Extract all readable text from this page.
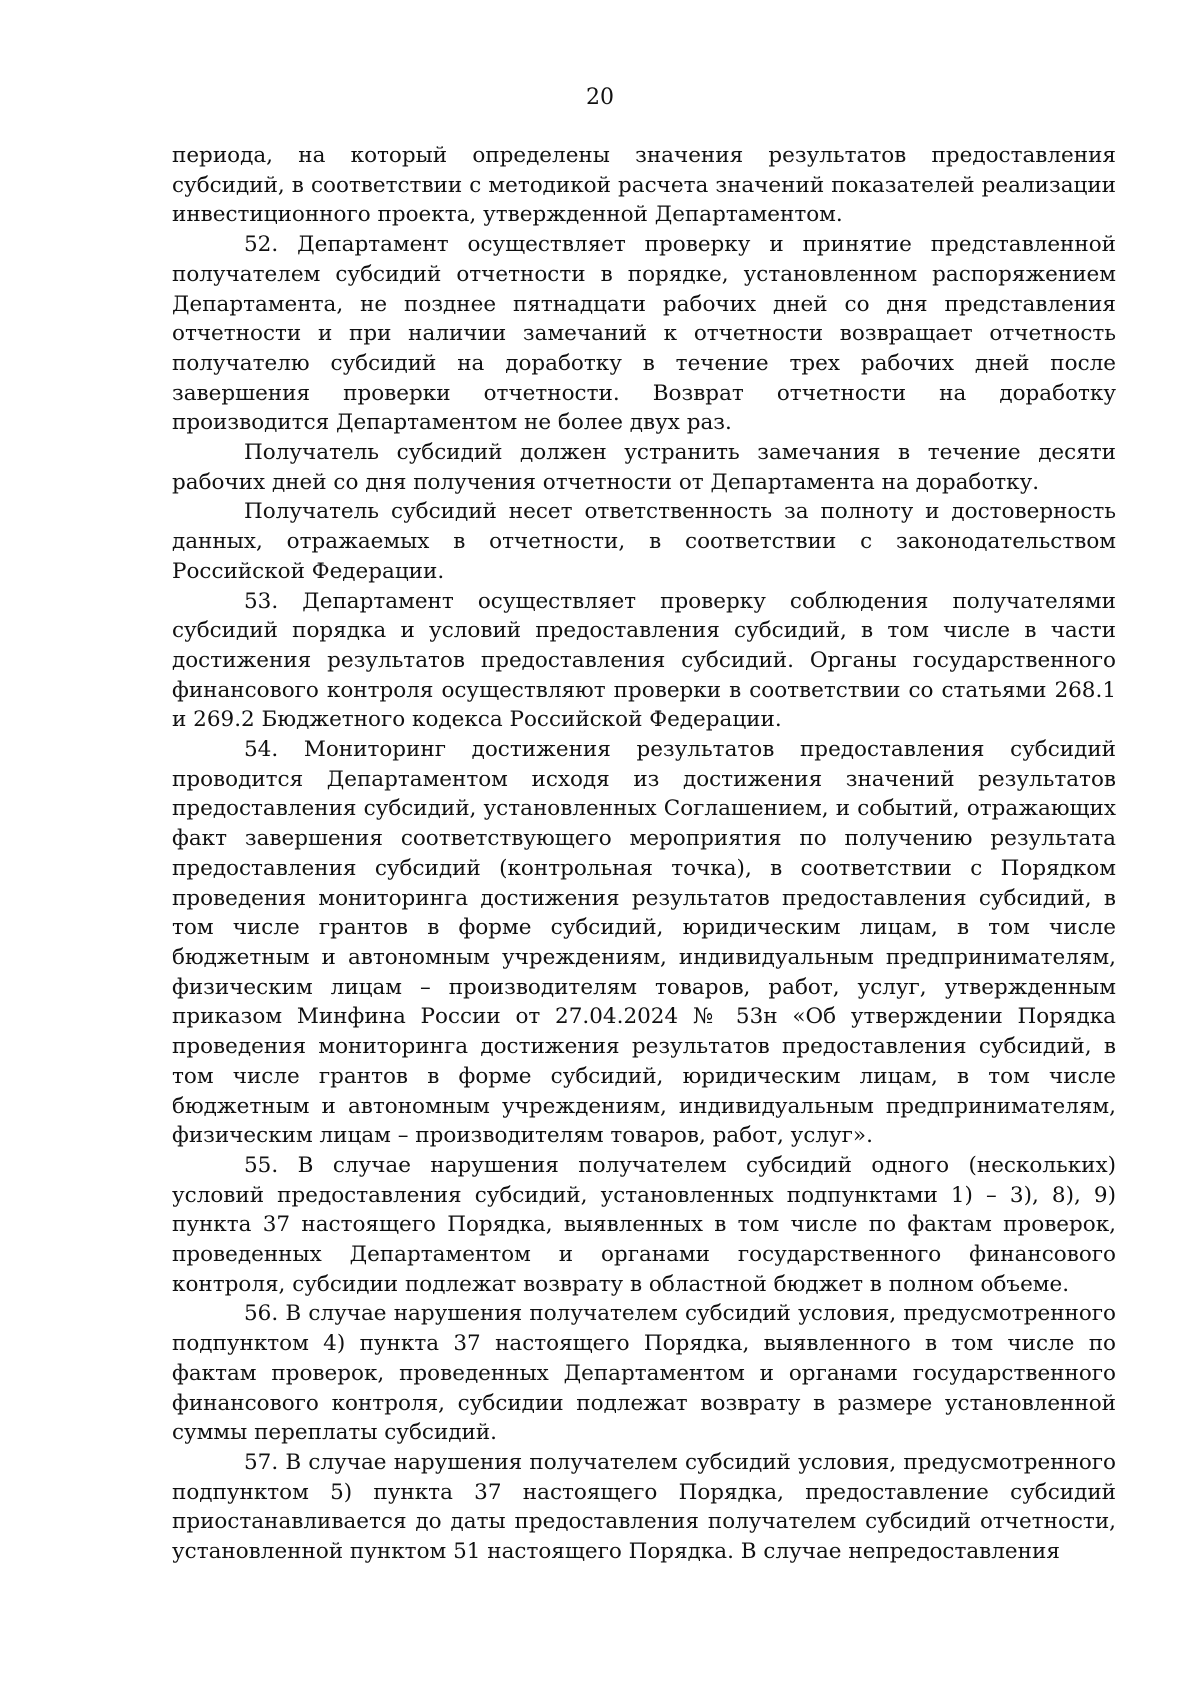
20

периода, на который определены значения результатов предоставления субсидий, в соответствии с методикой расчета значений показателей реализации инвестиционного проекта, утвержденной Департаментом.

52. Департамент осуществляет проверку и принятие представленной получателем субсидий отчетности в порядке, установленном распоряжением Департамента, не позднее пятнадцати рабочих дней со дня представления отчетности и при наличии замечаний к отчетности возвращает отчетность получателю субсидий на доработку в течение трех рабочих дней после завершения проверки отчетности. Возврат отчетности на доработку производится Департаментом не более двух раз.

Получатель субсидий должен устранить замечания в течение десяти рабочих дней со дня получения отчетности от Департамента на доработку.

Получатель субсидий несет ответственность за полноту и достоверность данных, отражаемых в отчетности, в соответствии с законодательством Российской Федерации.

53. Департамент осуществляет проверку соблюдения получателями субсидий порядка и условий предоставления субсидий, в том числе в части достижения результатов предоставления субсидий. Органы государственного финансового контроля осуществляют проверки в соответствии со статьями 268.1 и 269.2 Бюджетного кодекса Российской Федерации.

54. Мониторинг достижения результатов предоставления субсидий проводится Департаментом исходя из достижения значений результатов предоставления субсидий, установленных Соглашением, и событий, отражающих факт завершения соответствующего мероприятия по получению результата предоставления субсидий (контрольная точка), в соответствии с Порядком проведения мониторинга достижения результатов предоставления субсидий, в том числе грантов в форме субсидий, юридическим лицам, в том числе бюджетным и автономным учреждениям, индивидуальным предпринимателям, физическим лицам – производителям товаров, работ, услуг, утвержденным приказом Минфина России от 27.04.2024 № 53н «Об утверждении Порядка проведения мониторинга достижения результатов предоставления субсидий, в том числе грантов в форме субсидий, юридическим лицам, в том числе бюджетным и автономным учреждениям, индивидуальным предпринимателям, физическим лицам – производителям товаров, работ, услуг».

55. В случае нарушения получателем субсидий одного (нескольких) условий предоставления субсидий, установленных подпунктами 1) – 3), 8), 9) пункта 37 настоящего Порядка, выявленных в том числе по фактам проверок, проведенных Департаментом и органами государственного финансового контроля, субсидии подлежат возврату в областной бюджет в полном объеме.

56. В случае нарушения получателем субсидий условия, предусмотренного подпунктом 4) пункта 37 настоящего Порядка, выявленного в том числе по фактам проверок, проведенных Департаментом и органами государственного финансового контроля, субсидии подлежат возврату в размере установленной суммы переплаты субсидий.

57. В случае нарушения получателем субсидий условия, предусмотренного подпунктом 5) пункта 37 настоящего Порядка, предоставление субсидий приостанавливается до даты предоставления получателем субсидий отчетности, установленной пунктом 51 настоящего Порядка. В случае непредоставления
